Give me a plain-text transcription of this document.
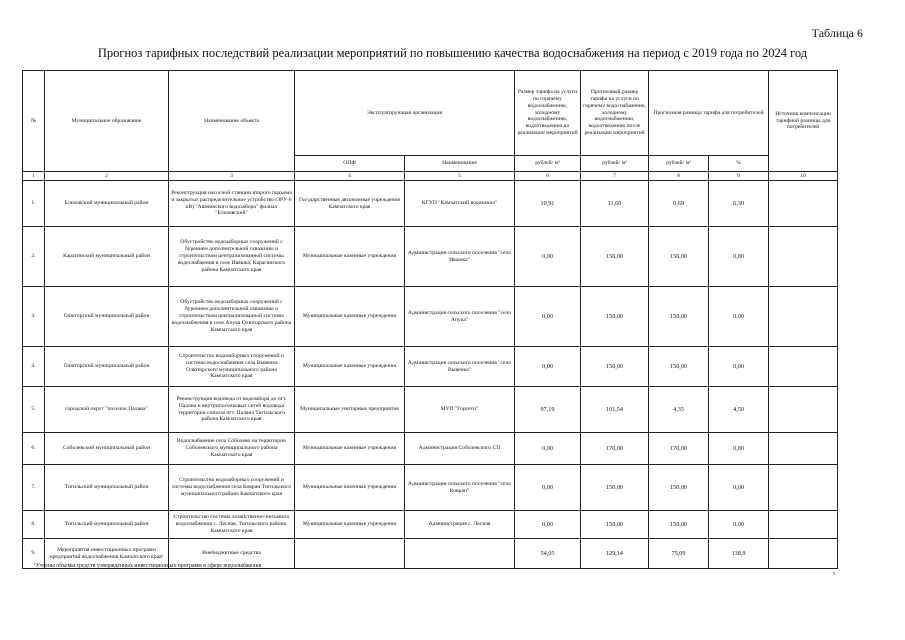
Таблица 6
Прогноз тарифных последствий реализации мероприятий по повышению качества водоснабжения на период с 2019 года по 2024 год
№	Муниципальное образование	Наименование объекта	Эксплуатирующая организация		Размер тарифа на услуги по горячему водоснабжению, холодному водоснабжению, водоотведению до реализации мероприятий	Прогнозный размер тарифа на услуги по горячему водоснабжению, холодному водоснабжению, водоотведению после реализации мероприятий	Прогнозная разница тарифа для потребителей		Источник компенсации тарифной разницы для потребителей
			ОПФ	Наименование	рублей/ м³	рублей/ м³	рублей/ м³	%	
1	2	3	4	5	6	7	8	9	10
1.	Елизовский муниципальный район	Реконструкция насосной станции второго подъема и закрытых распределительное устройство (ЗРУ-6 кВ) "Авачинского водозабора" филиал "Елизовский"	Государственные автономные учреждения Камчатского края	КГУП "Камчатский водоканал"	10,91	11,60	0,69	6,30	
2.	Карагинский муниципальный район	Обустройство водозаборных сооружений с бурением дополнительной скважины и строительством централизованной системы водоснабжения в селе Ивашка, Карагинского района Камчатского края	Муниципальные казенные учреждения	Администрация сельского поселения "село Ивашка"	0,00	150,00	150,00	0,00	
3.	Олюторский муниципальный район	Обустройство водозаборных сооружений с бурением дополнительной скважины и строительством централизованной системы водоснабжения в селе Апука Олюторского района Камчатского края	Муниципальные казенные учреждения	Администрация сельского поселения "село Апука"	0,00	150,00	150,00	0,00	
4.	Олюторский муниципальный район	Строительство водозаборных сооружений и системы водоснабжения села Вывенка Олюторского муниципального района Камчатского края	Муниципальные казенные учреждения	Администрация сельского поселения "село Вывенка"	0,00	150,00	150,00	0,00	
5.	городской округ "поселок Палана"	Реконструкция водовода от водозабора до пгт. Палана и внутрипоселковых сетей водовода территории совхоза пгт. Палана Тигильского района Камчатского края	Муниципальные унитарные предприятия	МУП "Горсети"	97,19	101,54	4,35	4,50	
6.	Соболевский муниципальный район	Водоснабжение села Соболево на территории Соболевского муниципального района Камчатского края	Муниципальные казенные учреждения	Администрация Соболевского СП	0,00	170,00	170,00	0,00	
7.	Тигильский муниципальный район	Строительство водозаборных сооружений и системы водоснабжения села Ковран Тигильского муниципального района Камчатского края	Муниципальные казенные учреждения	Администрация сельского поселения "село Ковран"	0,00	150,00	150,00	0,00	
8.	Тигильский муниципальный район	Строительство системы хозяйственно-питьевого водоснабжения с. Лесная, Тигильского района, Камчатского края	Муниципальные казенные учреждения	Администрация с. Лесная	0,00	150,00	150,00	0,00	
9.	Мероприятия инвестиционных программ предприятий водоснабжения Камчатского края¹	Внебюджетные средства			54,05	129,14	75,09	138,9	
¹Учтены объемы средств утвержденных инвестиционных программ в сфере водоснабжения
⁹
